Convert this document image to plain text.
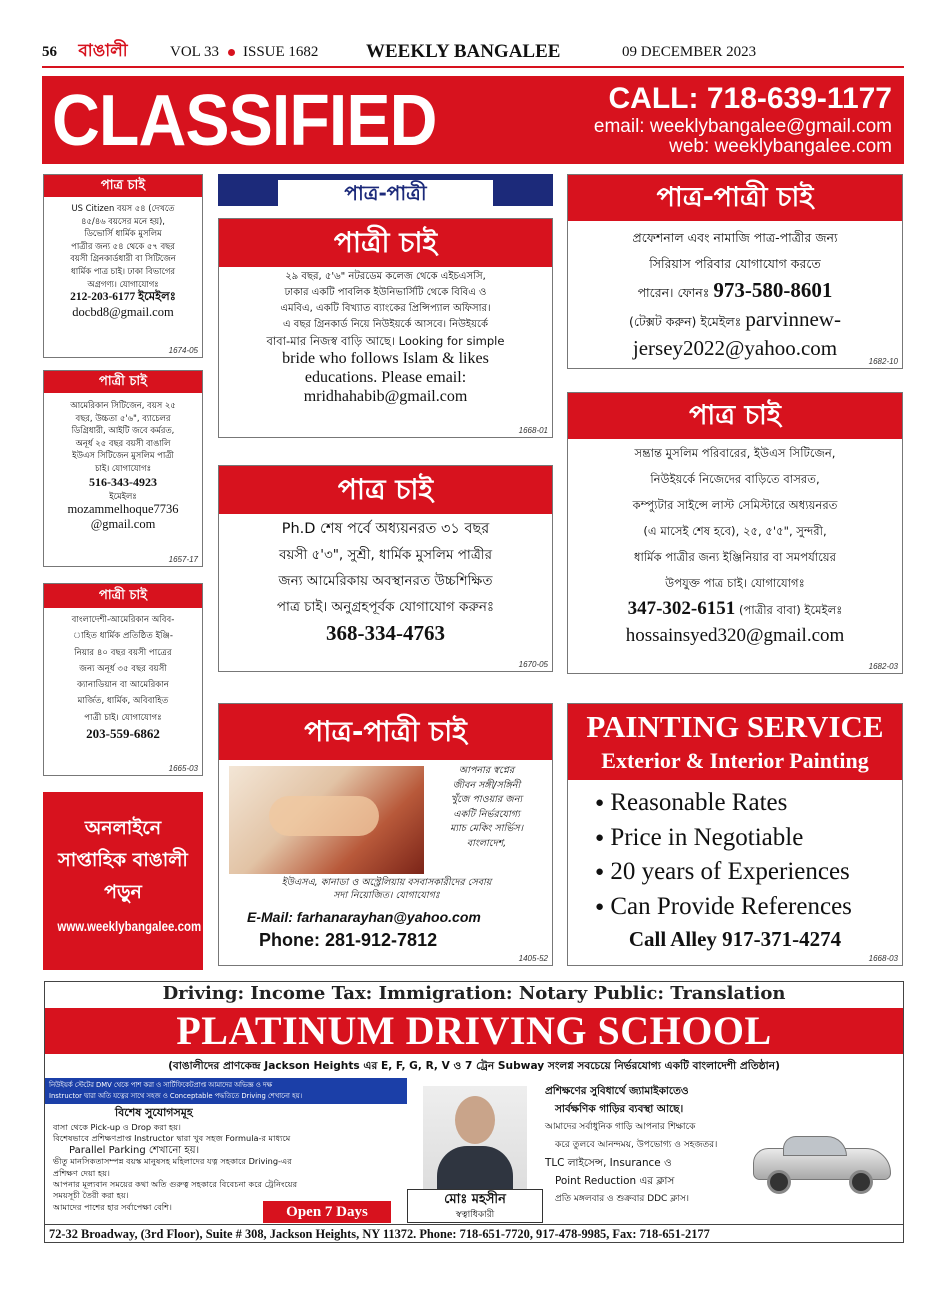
56	বাঙালী	VOL 33 ISSUE 1682	WEEKLY BANGALEE	09 DECEMBER 2023
CLASSIFIED	CALL: 718-639-1177
email: weeklybangalee@gmail.com
web: weeklybangalee.com
পাত্র চাই
US Citizen বয়স ৫৪ (দেখতে
৪৫/৪৬ বয়সের মনে হয়),
ডিভোর্সি ধার্মিক মুসলিম
পাত্রীর জন্য ৫৪ থেকে ৫৭ বছর
বয়সী গ্রিনকার্ডধারী বা সিটিজেন
ধার্মিক পাত্র চাই। ঢাকা বিভাগের
অগ্রগণ্য। যোগাযোগঃ
212-203-6177 ইমেইলঃ
docbd8@gmail.com
1674-05
পাত্রী চাই
আমেরিকান সিটিজেন, বয়স ২৫
বছর, উচ্চতা ৫'৬", ব্যাচেলর
ডিগ্রিধারী, আইটি জবে কর্মরত,
অনূর্ধ ২৫ বছর বয়সী বাঙালি
ইউএস সিটিজেন মুসলিম পাত্রী
চাই। যোগাযোগঃ
516-343-4923
ইমেইলঃ
mozammelhoque7736
@gmail.com
1657-17
পাত্রী চাই
বাংলাদেশী-আমেরিকান অবিব-
াহিত ধার্মিক প্রতিষ্ঠিত ইঞ্জি-
নিয়ার ৪০ বছর বয়সী পাত্রের
জন্য অনূর্ধ ৩৫ বছর বয়সী
ক্যানাডিয়ান বা আমেরিকান
মার্জিত, ধার্মিক, অবিবাহিত
পাত্রী চাই। যোগাযোগঃ
203-559-6862
1665-03
অনলাইনে
সাপ্তাহিক বাঙালী
পড়ুন
www.weeklybangalee.com
পাত্র-পাত্রী
পাত্রী চাই
২৯ বছর, ৫'৬" নটরডেম কলেজ থেকে এইচএসসি,
ঢাকার একটি পাবলিক ইউনিভার্সিটি থেকে বিবিএ ও
এমবিএ, একটি বিখ্যাত ব্যাংকের প্রিন্সিপ্যাল অফিসার।
এ বছর গ্রিনকার্ড নিয়ে নিউইয়র্কে আসবে। নিউইয়র্কে
বাবা-মার নিজস্ব বাড়ি আছে। Looking for simple
bride who follows Islam & likes
educations. Please email:
mridhahabib@gmail.com
1668-01
পাত্র চাই
Ph.D শেষ পর্বে অধ্যয়নরত ৩১ বছর
বয়সী ৫'৩", সুশ্রী, ধার্মিক মুসলিম পাত্রীর
জন্য আমেরিকায় অবস্থানরত উচ্চশিক্ষিত
পাত্র চাই। অনুগ্রহপূর্বক যোগাযোগ করুনঃ
368-334-4763
1670-05
পাত্র-পাত্রী চাই
আপনার স্বপ্নের
জীবন সঙ্গী/সঙ্গিনী
খুঁজে পাওয়ার জন্য
একটি নির্ভরযোগ্য
ম্যাচ মেকিং সার্ভিস।
বাংলাদেশ,
ইউএসএ, কানাডা ও অস্ট্রেলিয়ায় বসবাসকারীদের সেবায়
সদা নিয়োজিত। যোগাযোগঃ
E-Mail: farhanarayhan@yahoo.com
Phone: 281-912-7812
1405-52
পাত্র-পাত্রী চাই
প্রফেশনাল এবং নামাজি পাত্র-পাত্রীর জন্য
সিরিয়াস পরিবার যোগাযোগ করতে
পারেন। ফোনঃ 973-580-8601
(টেক্সট করুন) ইমেইলঃ parvinnew-
jersey2022@yahoo.com
1682-10
পাত্র চাই
সম্ভ্রান্ত মুসলিম পরিবারের, ইউএস সিটিজেন,
নিউইয়র্কে নিজেদের বাড়িতে বাসরত,
কম্প্যুটার সাইন্সে লাস্ট সেমিস্টারে অধ্যয়নরত
(এ মাসেই শেষ হবে), ২৫, ৫'৫", সুন্দরী,
ধার্মিক পাত্রীর জন্য ইঞ্জিনিয়ার বা সমপর্যায়ের
উপযুক্ত পাত্র চাই। যোগাযোগঃ
347-302-6151 (পাত্রীর বাবা) ইমেইলঃ
hossainsyed320@gmail.com
1682-03
PAINTING SERVICE
Exterior & Interior Painting
● Reasonable Rates
● Price in Negotiable
● 20 years of Experiences
● Can Provide References
Call Alley 917-371-4274
1668-03
Driving: Income Tax: Immigration: Notary Public: Translation
PLATINUM DRIVING SCHOOL
(বাঙালীদের প্রাণকেন্দ্র Jackson Heights এর E, F, G, R, V ও 7 ট্রেন Subway সংলগ্ন সবচেয়ে নির্ভরযোগ্য একটি বাংলাদেশী প্রতিষ্ঠান)
নিউইয়র্ক স্টেটের DMV থেকে পাশ করা ও সার্টিফিকেটপ্রাপ্ত আমাদের অভিজ্ঞ ও দক্ষ
Instructor দ্বারা অতি যত্নের সাথে সহজ ও Conceptable পদ্ধতিতে Driving শেখানো হয়।
বিশেষ সুযোগসমূহ
বাসা থেকে Pick-up ও Drop করা হয়।
বিশেষভাবে প্রশিক্ষণপ্রাপ্ত Instructor দ্বারা খুব সহজ Formula-র মাধ্যমে
Parallel Parking শেখানো হয়।
ভীতু মানসিকতাসম্পন্ন বয়স্ক মানুষসহ মহিলাদের যত্ন সহকারে Driving-এর
প্রশিক্ষণ দেয়া হয়।
আপনার মূল্যবান সময়ের কথা অতি গুরুত্ব সহকারে বিবেচনা করে ট্রেনিংয়ের
সময়সূচী তৈরী করা হয়।
আমাদের পাশের হার সর্বাপেক্ষা বেশি।	Open 7 Days
মোঃ মহসীন
স্বত্বাধিকারী
প্রশিক্ষণের সুবিধার্থে জ্যামাইকাতেও
সার্বক্ষণিক গাড়ির ব্যবস্থা আছে।
আমাদের সর্বাধুনিক গাড়ি আপনার শিক্ষাকে
করে তুলবে আনন্দময়, উপভোগ্য ও সহজতর।
TLC লাইসেন্স, Insurance ও
Point Reduction এর ক্লাস
প্রতি মঙ্গলবার ও শুক্রবার DDC ক্লাস।
72-32 Broadway, (3rd Floor), Suite # 308, Jackson Heights, NY 11372. Phone: 718-651-7720, 917-478-9985, Fax: 718-651-2177
